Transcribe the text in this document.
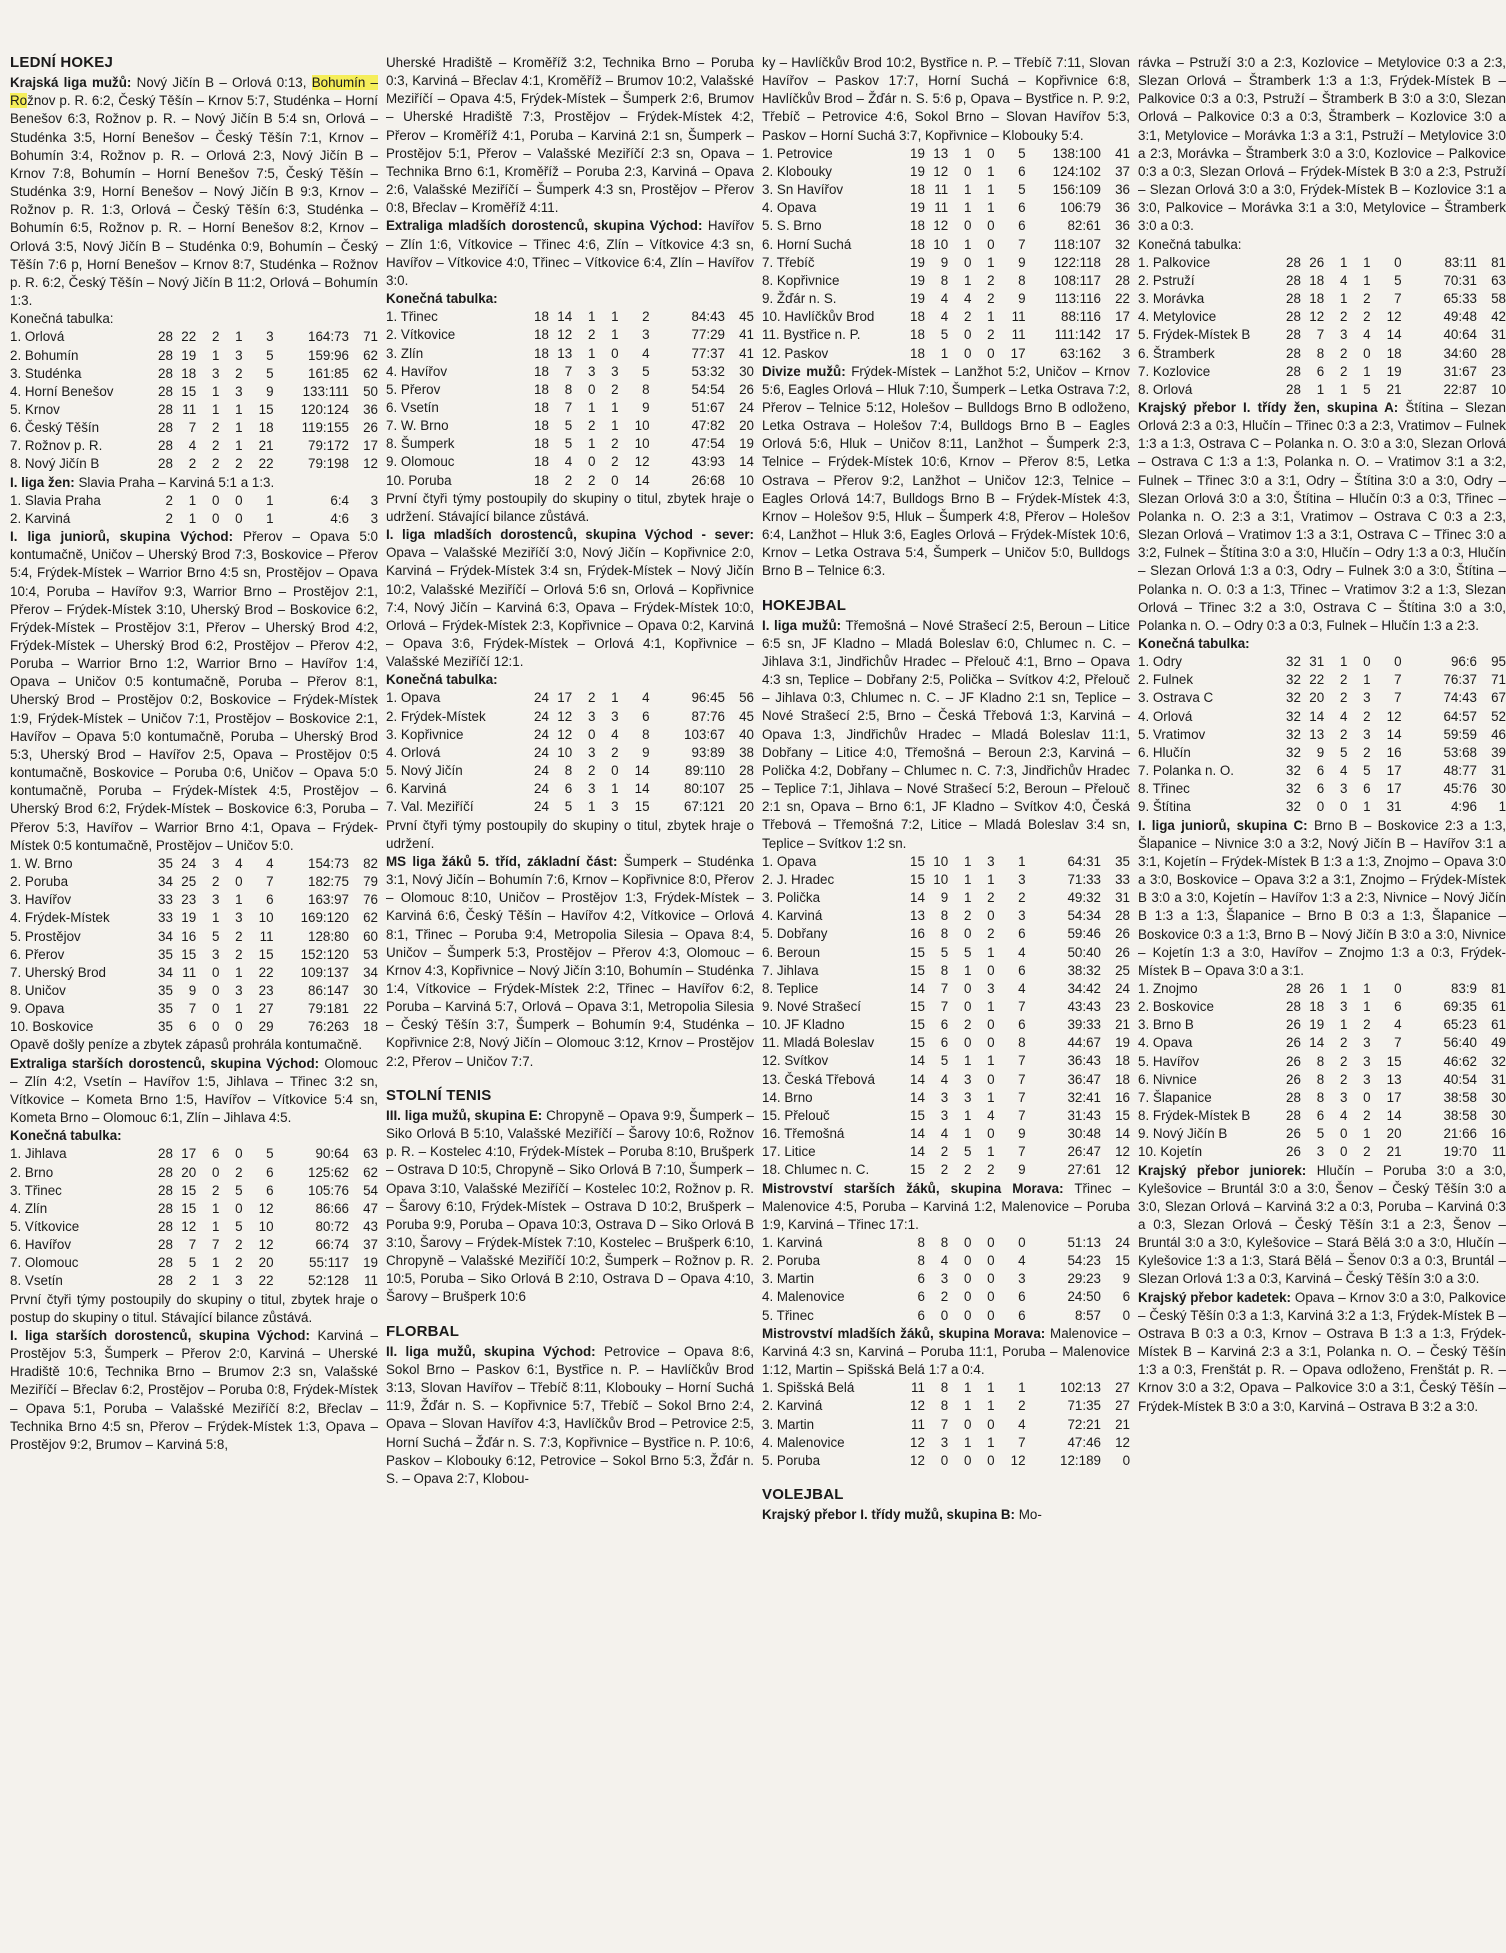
LEDNÍ HOKEJ

Krajská liga mužů: Nový Jičín B – Orlová 0:13, Bohumín – Rožnov p. R. 6:2, Český Těšín – Krnov 5:7, Studénka – Horní Benešov 6:3, Rožnov p. R. – Nový Jičín B 5:4 sn, Orlová – Studénka 3:5, Horní Benešov – Český Těšín 7:1, Krnov – Bohumín 3:4, Rožnov p. R. – Orlová 2:3, Nový Jičín B – Krnov 7:8, Bohumín – Horní Benešov 7:5, Český Těšín – Studénka 3:9, Horní Benešov – Nový Jičín B 9:3, Krnov – Rožnov p. R. 1:3, Orlová – Český Těšín 6:3, Studénka – Bohumín 6:5, Rožnov p. R. – Horní Benešov 8:2, Krnov – Orlová 3:5, Nový Jičín B – Studénka 0:9, Bohumín – Český Těšín 7:6 p, Horní Benešov – Krnov 8:7, Studénka – Rožnov p. R. 6:2, Český Těšín – Nový Jičín B 11:2, Orlová – Bohumín 1:3.

Konečná tabulka:
1. Orlová	28 22	2	1	3	164:73	71
2. Bohumín	28 19	1	3	5	159:96	62
3. Studénka	28 18	3	2	5	161:85	62
4. Horní Benešov	28 15	1	3	9	133:111	50
5. Krnov	28 11	1	1	15	120:124	36
6. Český Těšín	28	7	2	1	18	119:155	26
7. Rožnov p. R.	28	4	2	1	21	79:172	17
8. Nový Jičín B	28	2	2	2	22	79:198	12

I. liga žen: Slavia Praha – Karviná 5:1 a 1:3.

1. Slavia Praha	2	1	0	0	1	6:4	3
2. Karviná	2	1	0	0	1	4:6	3

I. liga juniorů, skupina Východ: Přerov – Opava 5:0 kontumačně, Uničov – Uherský Brod 7:3, Boskovice – Přerov 5:4, Frýdek-Místek – Warrior Brno 4:5 sn, Prostějov – Opava 10:4, Poruba – Havířov 9:3, Warrior Brno – Prostějov 2:1, Přerov – Frýdek-Místek 3:10, Uherský Brod – Boskovice 6:2, Frýdek-Místek – Prostějov 3:1, Přerov – Uherský Brod 4:2, Frýdek-Místek – Uherský Brod 6:2, Prostějov – Přerov 4:2, Poruba – Warrior Brno 1:2, Warrior Brno – Havířov 1:4, Opava – Uničov 0:5 kontumačně, Poruba – Přerov 8:1, Uherský Brod – Prostějov 0:2, Boskovice – Frýdek-Místek 1:9, Frýdek-Místek – Uničov 7:1, Prostějov – Boskovice 2:1, Havířov – Opava 5:0 kontumačně, Poruba – Uherský Brod 5:3, Uherský Brod – Havířov 2:5, Opava – Prostějov 0:5 kontumačně, Boskovice – Poruba 0:6, Uničov – Opava 5:0 kontumačně, Poruba – Frýdek-Místek 4:5, Prostějov – Uherský Brod 6:2, Frýdek-Místek – Boskovice 6:3, Poruba – Přerov 5:3, Havířov – Warrior Brno 4:1, Opava – Frýdek-Místek 0:5 kontumačně, Prostějov – Uničov 5:0.

1. W. Brno	35 24	3	4	4	154:73	82
2. Poruba	34 25	2	0	7	182:75	79
3. Havířov	33 23	3	1	6	163:97	76
4. Frýdek-Místek	33 19	1	3	10	169:120	62
5. Prostějov	34 16	5	2	11	128:80	60
6. Přerov	35 15	3	2	15	152:120	53
7. Uherský Brod	34 11	0	1	22	109:137	34
8. Uničov	35	9	0	3	23	86:147	30
9. Opava	35	7	0	1	27	79:181	22
10. Boskovice	35	6	0	0	29	76:263	18

Opavě došly peníze a zbytek zápasů prohrála kontumačně.

Extraliga starších dorostenců, skupina Východ: Olomouc – Zlín 4:2, Vsetín – Havířov 1:5, Jihlava – Třinec 3:2 sn, Vítkovice – Kometa Brno 1:5, Havířov – Vítkovice 5:4 sn, Kometa Brno – Olomouc 6:1, Zlín – Jihlava 4:5.

Konečná tabulka:
1. Jihlava	28 17	6	0	5	90:64	63
2. Brno	28 20	0	2	6	125:62	62
3. Třinec	28 15	2	5	6	105:76	54
4. Zlín	28 15	1	0	12	86:66	47
5. Vítkovice	28 12	1	5	10	80:72	43
6. Havířov	28	7	7	2	12	66:74	37
7. Olomouc	28	5	1	2	20	55:117	19
8. Vsetín	28	2	1	3	22	52:128	11

První čtyři týmy postoupily do skupiny o titul, zbytek hraje o postup do skupiny o titul. Stávající bilance zůstává.

I. liga starších dorostenců, skupina Východ: Karviná – Prostějov 5:3, Šumperk – Přerov 2:0, Karviná – Uherské Hradiště 10:6, Technika Brno – Brumov 2:3 sn, Valašské Meziříčí – Břeclav 6:2, Prostějov – Poruba 0:8, Frýdek-Místek – Opava 5:1, Poruba – Valašské Meziříčí 8:2, Břeclav – Technika Brno 4:5 sn, Přerov – Frýdek-Místek 1:3, Opava – Prostějov 9:2, Brumov – Karviná 5:8,

Uherské Hradiště – Kroměříž 3:2, Technika Brno – Poruba 0:3, Karviná – Břeclav 4:1, Kroměříž – Brumov 10:2, Valašské Meziříčí – Opava 4:5, Frýdek-Místek – Šumperk 2:6, Brumov – Uherské Hradiště 7:3, Prostějov – Frýdek-Místek 4:2, Přerov – Kroměříž 4:1, Poruba – Karviná 2:1 sn, Šumperk – Prostějov 5:1, Přerov – Valašské Meziříčí 2:3 sn, Opava – Technika Brno 6:1, Kroměříž – Poruba 2:3, Karviná – Opava 2:6, Valašské Meziříčí – Šumperk 4:3 sn, Prostějov – Přerov 0:8, Břeclav – Kroměříž 4:11.

Extraliga mladších dorostenců, skupina Východ: Havířov – Zlín 1:6, Vítkovice – Třinec 4:6, Zlín – Vítkovice 4:3 sn, Havířov – Vítkovice 4:0, Třinec – Vítkovice 6:4, Zlín – Havířov 3:0.

Konečná tabulka:
1. Třinec	18 14	1	1	2	84:43	45
2. Vítkovice	18 12	2	1	3	77:29	41
3. Zlín	18 13	1	0	4	77:37	41
4. Havířov	18	7	3	3	5	53:32	30
5. Přerov	18	8	0	2	8	54:54	26
6. Vsetín	18	7	1	1	9	51:67	24
7. W. Brno	18	5	2	1	10	47:82	20
8. Šumperk	18	5	1	2	10	47:54	19
9. Olomouc	18	4	0	2	12	43:93	14
10. Poruba	18	2	2	0	14	26:68	10

První čtyři týmy postoupily do skupiny o titul, zbytek hraje o udržení. Stávající bilance zůstává.

I. liga mladších dorostenců, skupina Východ - sever: Opava – Valašské Meziříčí 3:0, Nový Jičín – Kopřivnice 2:0, Karviná – Frýdek-Místek 3:4 sn, Frýdek-Místek – Nový Jičín 10:2, Valašské Meziříčí – Orlová 5:6 sn, Orlová – Kopřivnice 7:4, Nový Jičín – Karviná 6:3, Opava – Frýdek-Místek 10:0, Orlová – Frýdek-Místek 2:3, Kopřivnice – Opava 0:2, Karviná – Opava 3:6, Frýdek-Místek – Orlová 4:1, Kopřivnice – Valašské Meziříčí 12:1.

Konečná tabulka:
1. Opava	24 17	2	1	4	96:45	56
2. Frýdek-Místek	24 12	3	3	6	87:76	45
3. Kopřivnice	24 12	0	4	8	103:67	40
4. Orlová	24 10	3	2	9	93:89	38
5. Nový Jičín	24	8	2	0	14	89:110	28
6. Karviná	24	6	3	1	14	80:107	25
7. Val. Meziříčí	24	5	1	3	15	67:121	20

První čtyři týmy postoupily do skupiny o titul, zbytek hraje o udržení.

MS liga žáků 5. tříd, základní část: Šumperk – Studénka 3:1, Nový Jičín – Bohumín 7:6, Krnov – Kopřivnice 8:0, Přerov – Olomouc 8:10, Uničov – Prostějov 1:3, Frýdek-Místek – Karviná 6:6, Český Těšín – Havířov 4:2, Vítkovice – Orlová 8:1, Třinec – Poruba 9:4, Metropolia Silesia – Opava 8:4, Uničov – Šumperk 5:3, Prostějov – Přerov 4:3, Olomouc – Krnov 4:3, Kopřivnice – Nový Jičín 3:10, Bohumín – Studénka 1:4, Vítkovice – Frýdek-Místek 2:2, Třinec – Havířov 6:2, Poruba – Karviná 5:7, Orlová – Opava 3:1, Metropolia Silesia – Český Těšín 3:7, Šumperk – Bohumín 9:4, Studénka – Kopřivnice 2:8, Nový Jičín – Olomouc 3:12, Krnov – Prostějov 2:2, Přerov – Uničov 7:7.

STOLNÍ TENIS

III. liga mužů, skupina E: Chropyně – Opava 9:9, Šumperk – Siko Orlová B 5:10, Valašské Meziříčí – Šarovy 10:6, Rožnov p. R. – Kostelec 4:10, Frýdek-Místek – Poruba 8:10, Brušperk – Ostrava D 10:5, Chropyně – Siko Orlová B 7:10, Šumperk – Opava 3:10, Valašské Meziříčí – Kostelec 10:2, Rožnov p. R. – Šarovy 6:10, Frýdek-Místek – Ostrava D 10:2, Brušperk – Poruba 9:9, Poruba – Opava 10:3, Ostrava D – Siko Orlová B 3:10, Šarovy – Frýdek-Místek 7:10, Kostelec – Brušperk 6:10, Chropyně – Valašské Meziříčí 10:2, Šumperk – Rožnov p. R. 10:5, Poruba – Siko Orlová B 2:10, Ostrava D – Opava 4:10, Šarovy – Brušperk 10:6

FLORBAL

II. liga mužů, skupina Východ: Petrovice – Opava 8:6, Sokol Brno – Paskov 6:1, Bystřice n. P. – Havlíčkův Brod 3:13, Slovan Havířov – Třebíč 8:11, Klobouky – Horní Suchá 11:9, Žďár n. S. – Kopřivnice 5:7, Třebíč – Sokol Brno 2:4, Opava – Slovan Havířov 4:3, Havlíčkův Brod – Petrovice 2:5, Horní Suchá – Žďár n. S. 7:3, Kopřivnice – Bystřice n. P. 10:6, Paskov – Klobouky 6:12, Petrovice – Sokol Brno 5:3, Žďár n. S. – Opava 2:7, Klobou-

ky – Havlíčkův Brod 10:2, Bystřice n. P. – Třebíč 7:11, Slovan Havířov – Paskov 17:7, Horní Suchá – Kopřivnice 6:8, Havlíčkův Brod – Žďár n. S. 5:6 p, Opava – Bystřice n. P. 9:2, Třebíč – Petrovice 4:6, Sokol Brno – Slovan Havířov 5:3, Paskov – Horní Suchá 3:7, Kopřivnice – Klobouky 5:4.

1. Petrovice	19 13	1	0	5	138:100	41
2. Klobouky	19 12	0	1	6	124:102	37
3. Sn Havířov	18 11	1	1	5	156:109	36
4. Opava	19 11	1	1	6	106:79	36
5. S. Brno	18 12	0	0	6	82:61	36
6. Horní Suchá	18 10	1	0	7	118:107	32
7. Třebíč	19	9	0	1	9	122:118	28
8. Kopřivnice	19	8	1	2	8	108:117	28
9. Žďár n. S.	19	4	4	2	9	113:116	22
10. Havlíčkův Brod	18	4	2	1	11	88:116	17
11. Bystřice n. P.	18	5	0	2	11	111:142	17
12. Paskov	18	1	0	0	17	63:162	3

Divize mužů: Frýdek-Místek – Lanžhot 5:2, Uničov – Krnov 5:6, Eagles Orlová – Hluk 7:10, Šumperk – Letka Ostrava 7:2, Přerov – Telnice 5:12, Holešov – Bulldogs Brno B odloženo, Letka Ostrava – Holešov 7:4, Bulldogs Brno B – Eagles Orlová 5:6, Hluk – Uničov 8:11, Lanžhot – Šumperk 2:3, Telnice – Frýdek-Místek 10:6, Krnov – Přerov 8:5, Letka Ostrava – Přerov 9:2, Lanžhot – Uničov 12:3, Telnice – Eagles Orlová 14:7, Bulldogs Brno B – Frýdek-Místek 4:3, Krnov – Holešov 9:5, Hluk – Šumperk 4:8, Přerov – Holešov 6:4, Lanžhot – Hluk 3:6, Eagles Orlová – Frýdek-Místek 10:6, Krnov – Letka Ostrava 5:4, Šumperk – Uničov 5:0, Bulldogs Brno B – Telnice 6:3.

HOKEJBAL

I. liga mužů: Třemošná – Nové Strašecí 2:5, Beroun – Litice 6:5 sn, JF Kladno – Mladá Boleslav 6:0, Chlumec n. C. – Jihlava 3:1, Jindřichův Hradec – Přelouč 4:1, Brno – Opava 4:3 sn, Teplice – Dobřany 2:5, Polička – Svítkov 4:2, Přelouč – Jihlava 0:3, Chlumec n. C. – JF Kladno 2:1 sn, Teplice – Nové Strašecí 2:5, Brno – Česká Třebová 1:3, Karviná – Opava 1:3, Jindřichův Hradec – Mladá Boleslav 11:1, Dobřany – Litice 4:0, Třemošná – Beroun 2:3, Karviná – Polička 4:2, Dobřany – Chlumec n. C. 7:3, Jindřichův Hradec – Teplice 7:1, Jihlava – Nové Strašecí 5:2, Beroun – Přelouč 2:1 sn, Opava – Brno 6:1, JF Kladno – Svítkov 4:0, Česká Třebová – Třemošná 7:2, Litice – Mladá Boleslav 3:4 sn, Teplice – Svítkov 1:2 sn.

1. Opava	15 10	1	3	1	64:31	35
2. J. Hradec	15 10	1	1	3	71:33	33
3. Polička	14	9	1	2	2	49:32	31
4. Karviná	13	8	2	0	3	54:34	28
5. Dobřany	16	8	0	2	6	59:46	26
6. Beroun	15	5	5	1	4	50:40	26
7. Jihlava	15	8	1	0	6	38:32	25
8. Teplice	14	7	0	3	4	34:42	24
9. Nové Strašecí	15	7	0	1	7	43:43	23
10. JF Kladno	15	6	2	0	6	39:33	21
11. Mladá Boleslav	15	6	0	0	8	44:67	19
12. Svítkov	14	5	1	1	7	36:43	18
13. Česká Třebová	14	4	3	0	7	36:47	18
14. Brno	14	3	3	1	7	32:41	16
15. Přelouč	15	3	1	4	7	31:43	15
16. Třemošná	14	4	1	0	9	30:48	14
17. Litice	14	2	5	1	7	26:47	12
18. Chlumec n. C.	15	2	2	2	9	27:61	12

Mistrovství starších žáků, skupina Morava: Třinec – Malenovice 4:5, Poruba – Karviná 1:2, Malenovice – Poruba 1:9, Karviná – Třinec 17:1.

1. Karviná	8	8	0	0	0	51:13	24
2. Poruba	8	4	0	0	4	54:23	15
3. Martin	6	3	0	0	3	29:23	9
4. Malenovice	6	2	0	0	6	24:50	6
5. Třinec	6	0	0	0	6	8:57	0

Mistrovství mladších žáků, skupina Morava: Malenovice – Karviná 4:3 sn, Karviná – Poruba 11:1, Poruba – Malenovice 1:12, Martin – Spišská Belá 1:7 a 0:4.

1. Spišská Belá	11	8	1	1	1	102:13	27
2. Karviná	12	8	1	1	2	71:35	27
3. Martin	11	7	0	0	4	72:21	21
4. Malenovice	12	3	1	1	7	47:46	12
5. Poruba	12	0	0	0	12	12:189	0
VOLEJBAL

Krajský přebor I. třídy mužů, skupina B: Mo-

rávka – Pstruží 3:0 a 2:3, Kozlovice – Metylovice 0:3 a 2:3, Slezan Orlová – Štramberk 1:3 a 1:3, Frýdek-Místek B – Palkovice 0:3 a 0:3, Pstruží – Štramberk B 3:0 a 3:0, Slezan Orlová – Palkovice 0:3 a 0:3, Štramberk – Kozlovice 3:0 a 3:1, Metylovice – Morávka 1:3 a 3:1, Pstruží – Metylovice 3:0 a 2:3, Morávka – Štramberk 3:0 a 3:0, Kozlovice – Palkovice 0:3 a 0:3, Slezan Orlová – Frýdek-Místek B 3:0 a 2:3, Pstruží – Slezan Orlová 3:0 a 3:0, Frýdek-Místek B – Kozlovice 3:1 a 3:0, Palkovice – Morávka 3:1 a 3:0, Metylovice – Štramberk 3:0 a 0:3.

Konečná tabulka:
1. Palkovice	28 26	1	1	0	83:11	81
2. Pstruží	28 18	4	1	5	70:31	63
3. Morávka	28 18	1	2	7	65:33	58
4. Metylovice	28 12	2	2	12	49:48	42
5. Frýdek-Místek B	28	7	3	4	14	40:64	31
6. Štramberk	28	8	2	0	18	34:60	28
7. Kozlovice	28	6	2	1	19	31:67	23
8. Orlová	28	1	1	5	21	22:87	10

Krajský přebor I. třídy žen, skupina A: Štítina – Slezan Orlová 2:3 a 0:3, Hlučín – Třinec 0:3 a 2:3, Vratimov – Fulnek 1:3 a 1:3, Ostrava C – Polanka n. O. 3:0 a 3:0, Slezan Orlová – Ostrava C 1:3 a 1:3, Polanka n. O. – Vratimov 3:1 a 3:2, Fulnek – Třinec 3:0 a 3:1, Odry – Štítina 3:0 a 3:0, Odry – Slezan Orlová 3:0 a 3:0, Štítina – Hlučín 0:3 a 0:3, Třinec – Polanka n. O. 2:3 a 3:1, Vratimov – Ostrava C 0:3 a 2:3, Slezan Orlová – Vratimov 1:3 a 3:1, Ostrava C – Třinec 3:0 a 3:2, Fulnek – Štítina 3:0 a 3:0, Hlučín – Odry 1:3 a 0:3, Hlučín – Slezan Orlová 1:3 a 0:3, Odry – Fulnek 3:0 a 3:0, Štítina – Polanka n. O. 0:3 a 1:3, Třinec – Vratimov 3:2 a 1:3, Slezan Orlová – Třinec 3:2 a 3:0, Ostrava C – Štítina 3:0 a 3:0, Polanka n. O. – Odry 0:3 a 0:3, Fulnek – Hlučín 1:3 a 2:3.

Konečná tabulka:
1. Odry	32 31	1	0	0	96:6	95
2. Fulnek	32 22	2	1	7	76:37	71
3. Ostrava C	32 20	2	3	7	74:43	67
4. Orlová	32 14	4	2	12	64:57	52
5. Vratimov	32 13	2	3	14	59:59	46
6. Hlučín	32	9	5	2	16	53:68	39
7. Polanka n. O.	32	6	4	5	17	48:77	31
8. Třinec	32	6	3	6	17	45:76	30
9. Štítina	32	0	0	1	31	4:96	1

I. liga juniorů, skupina C: Brno B – Boskovice 2:3 a 1:3, Šlapanice – Nivnice 3:0 a 3:2, Nový Jičín B – Havířov 3:1 a 3:1, Kojetín – Frýdek-Místek B 1:3 a 1:3, Znojmo – Opava 3:0 a 3:0, Boskovice – Opava 3:2 a 3:1, Znojmo – Frýdek-Místek B 3:0 a 3:0, Kojetín – Havířov 1:3 a 2:3, Nivnice – Nový Jičín B 1:3 a 1:3, Šlapanice – Brno B 0:3 a 1:3, Šlapanice – Boskovice 0:3 a 1:3, Brno B – Nový Jičín B 3:0 a 3:0, Nivnice – Kojetín 1:3 a 3:0, Havířov – Znojmo 1:3 a 0:3, Frýdek-Místek B – Opava 3:0 a 3:1.

1. Znojmo	28 26	1	1	0	83:9	81
2. Boskovice	28 18	3	1	6	69:35	61
3. Brno B	26 19	1	2	4	65:23	61
4. Opava	26 14	2	3	7	56:40	49
5. Havířov	26	8	2	3	15	46:62	32
6. Nivnice	26	8	2	3	13	40:54	31
7. Šlapanice	28	8	3	0	17	38:58	30
8. Frýdek-Místek B	28	6	4	2	14	38:58	30
9. Nový Jičín B	26	5	0	1	20	21:66	16
10. Kojetín	26	3	0	2	21	19:70	11

Krajský přebor juniorek: Hlučín – Poruba 3:0 a 3:0, Kylešovice – Bruntál 3:0 a 3:0, Šenov – Český Těšín 3:0 a 3:0, Slezan Orlová – Karviná 3:2 a 0:3, Poruba – Karviná 0:3 a 0:3, Slezan Orlová – Český Těšín 3:1 a 2:3, Šenov – Bruntál 3:0 a 3:0, Kylešovice – Stará Bělá 3:0 a 3:0, Hlučín – Kylešovice 1:3 a 1:3, Stará Bělá – Šenov 0:3 a 0:3, Bruntál – Slezan Orlová 1:3 a 0:3, Karviná – Český Těšín 3:0 a 3:0.

Krajský přebor kadetek: Opava – Krnov 3:0 a 3:0, Palkovice – Český Těšín 0:3 a 1:3, Karviná 3:2 a 1:3, Frýdek-Místek B – Ostrava B 0:3 a 0:3, Krnov – Ostrava B 1:3 a 1:3, Frýdek-Místek B – Karviná 2:3 a 3:1, Polanka n. O. – Český Těšín 1:3 a 0:3, Frenštát p. R. – Opava odloženo, Frenštát p. R. – Krnov 3:0 a 3:2, Opava – Palkovice 3:0 a 3:1, Český Těšín – Frýdek-Místek B 3:0 a 3:0, Karviná – Ostrava B 3:2 a 3:0.
